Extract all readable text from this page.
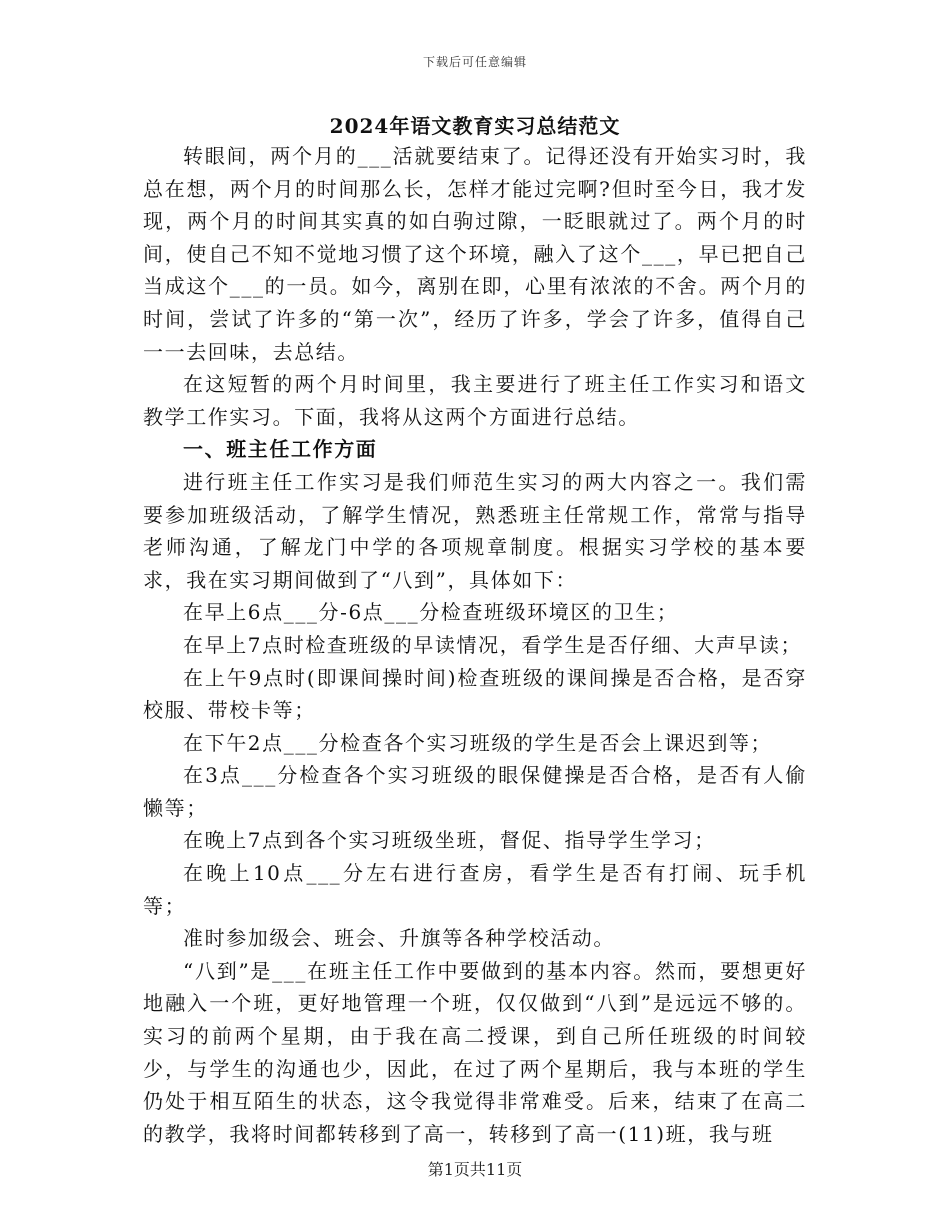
下载后可任意编辑
2024年语文教育实习总结范文

转眼间，两个月的___活就要结束了。记得还没有开始实习时，我总在想，两个月的时间那么长，怎样才能过完啊?但时至今日，我才发现，两个月的时间其实真的如白驹过隙，一眨眼就过了。两个月的时间，使自己不知不觉地习惯了这个环境，融入了这个___，早已把自己当成这个___的一员。如今，离别在即，心里有浓浓的不舍。两个月的时间，尝试了许多的“第一次”，经历了许多，学会了许多，值得自己一一去回味，去总结。

在这短暂的两个月时间里，我主要进行了班主任工作实习和语文教学工作实习。下面，我将从这两个方面进行总结。

一、班主任工作方面

进行班主任工作实习是我们师范生实习的两大内容之一。我们需要参加班级活动，了解学生情况，熟悉班主任常规工作，常常与指导老师沟通，了解龙门中学的各项规章制度。根据实习学校的基本要求，我在实习期间做到了“八到”，具体如下：

在早上6点___分-6点___分检查班级环境区的卫生；

在早上7点时检查班级的早读情况，看学生是否仔细、大声早读；

在上午9点时(即课间操时间)检查班级的课间操是否合格，是否穿校服、带校卡等；

在下午2点___分检查各个实习班级的学生是否会上课迟到等；

在3点___分检查各个实习班级的眼保健操是否合格，是否有人偷懒等；

在晚上7点到各个实习班级坐班，督促、指导学生学习；

在晚上10点___分左右进行查房，看学生是否有打闹、玩手机等；

准时参加级会、班会、升旗等各种学校活动。

“八到”是___在班主任工作中要做到的基本内容。然而，要想更好地融入一个班，更好地管理一个班，仅仅做到“八到”是远远不够的。实习的前两个星期，由于我在高二授课，到自己所任班级的时间较少，与学生的沟通也少，因此，在过了两个星期后，我与本班的学生仍处于相互陌生的状态，这令我觉得非常难受。后来，结束了在高二的教学，我将时间都转移到了高一，转移到了高一(11)班，我与班

第1页共11页
